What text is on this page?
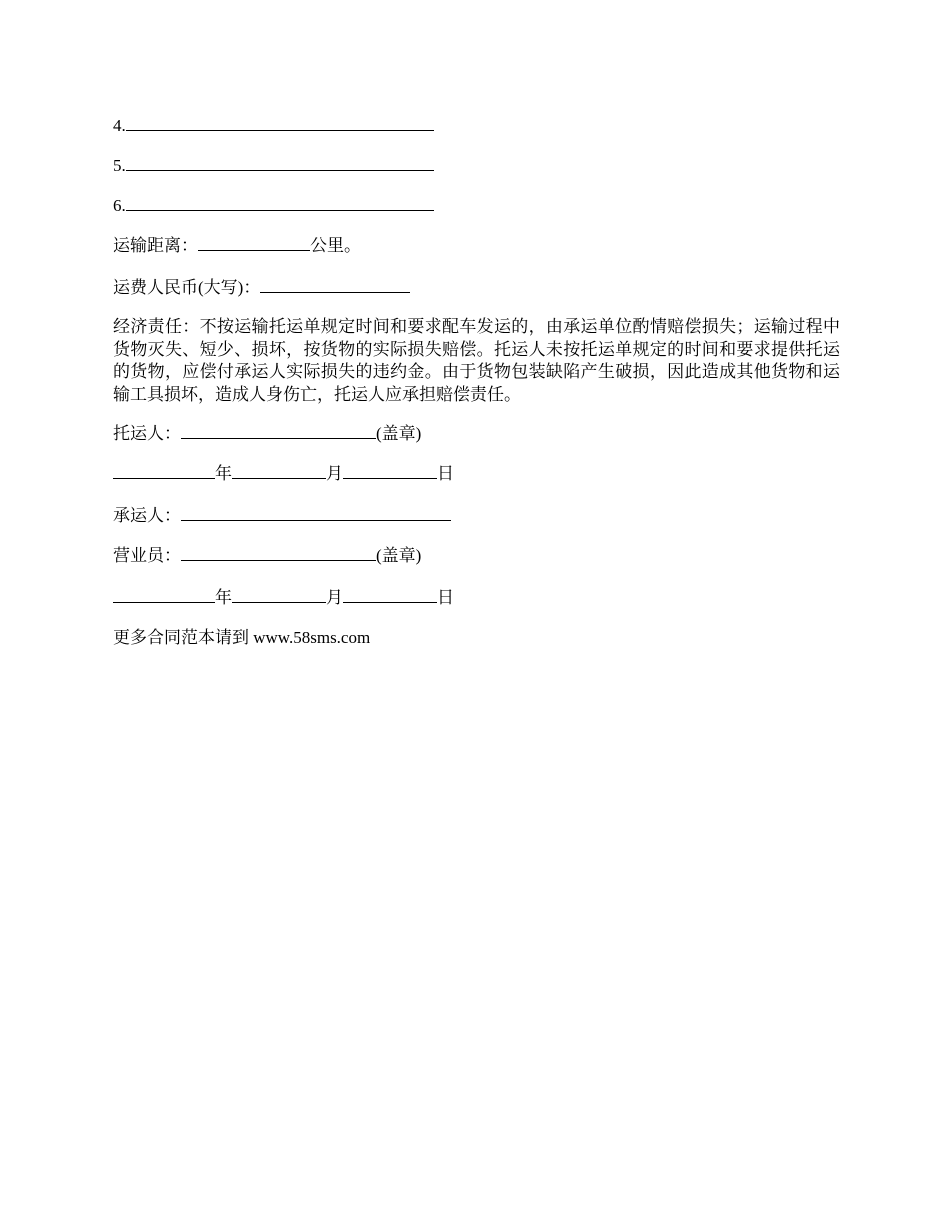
4.
5.
6.
运输距离：	公里。
运费人民币(大写)：
经济责任：不按运输托运单规定时间和要求配车发运的，由承运单位酌情赔偿损失；运输过程中货物灭失、短少、损坏，按货物的实际损失赔偿。托运人未按托运单规定的时间和要求提供托运的货物，应偿付承运人实际损失的违约金。由于货物包装缺陷产生破损，因此造成其他货物和运输工具损坏，造成人身伤亡，托运人应承担赔偿责任。
托运人：	(盖章)
年	月	日
承运人：
营业员：	(盖章)
年	月	日
更多合同范本请到 www.58sms.com
